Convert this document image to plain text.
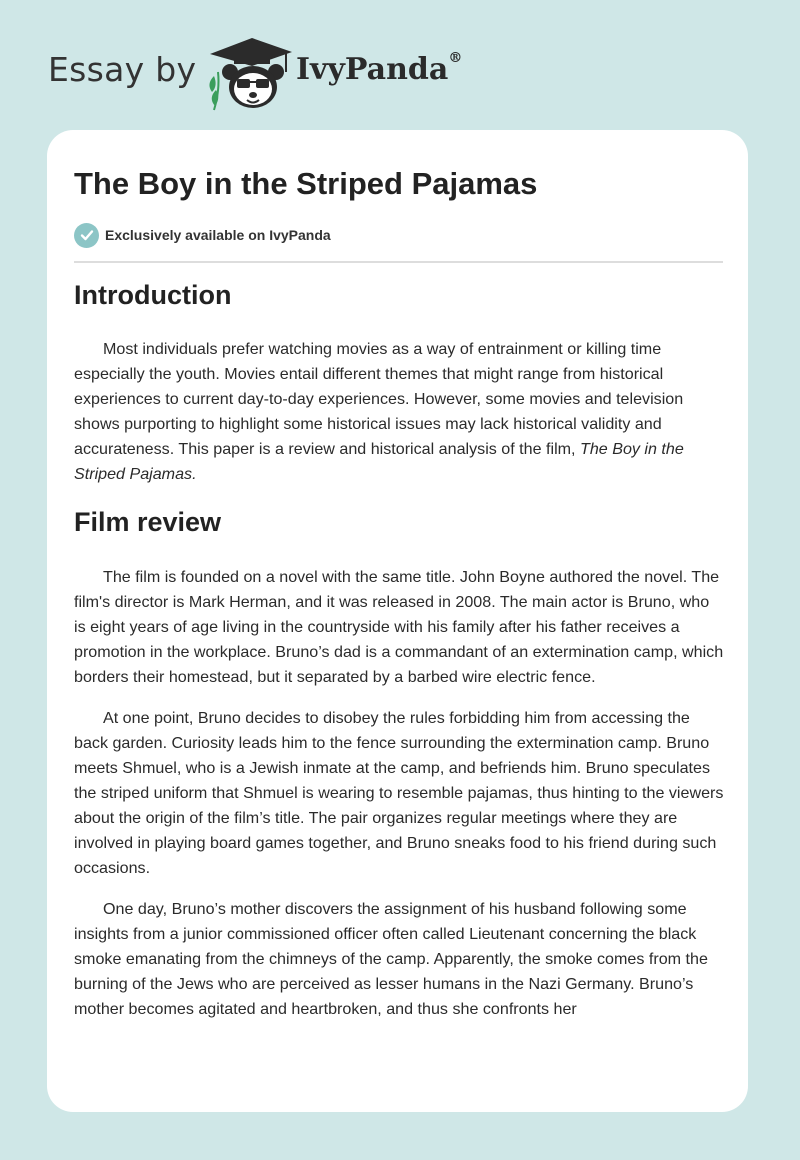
Essay by	IvyPanda®
The Boy in the Striped Pajamas
Exclusively available on IvyPanda
Introduction

Most individuals prefer watching movies as a way of entrainment or killing time especially the youth. Movies entail different themes that might range from historical experiences to current day-to-day experiences. However, some movies and television shows purporting to highlight some historical issues may lack historical validity and accurateness. This paper is a review and historical analysis of the film, The Boy in the Striped Pajamas.

Film review

The film is founded on a novel with the same title. John Boyne authored the novel. The film's director is Mark Herman, and it was released in 2008. The main actor is Bruno, who is eight years of age living in the countryside with his family after his father receives a promotion in the workplace. Bruno’s dad is a commandant of an extermination camp, which borders their homestead, but it separated by a barbed wire electric fence.

At one point, Bruno decides to disobey the rules forbidding him from accessing the back garden. Curiosity leads him to the fence surrounding the extermination camp. Bruno meets Shmuel, who is a Jewish inmate at the camp, and befriends him. Bruno speculates the striped uniform that Shmuel is wearing to resemble pajamas, thus hinting to the viewers about the origin of the film’s title. The pair organizes regular meetings where they are involved in playing board games together, and Bruno sneaks food to his friend during such occasions.

One day, Bruno’s mother discovers the assignment of his husband following some insights from a junior commissioned officer often called Lieutenant concerning the black smoke emanating from the chimneys of the camp. Apparently, the smoke comes from the burning of the Jews who are perceived as lesser humans in the Nazi Germany. Bruno’s mother becomes agitated and heartbroken, and thus she confronts her
